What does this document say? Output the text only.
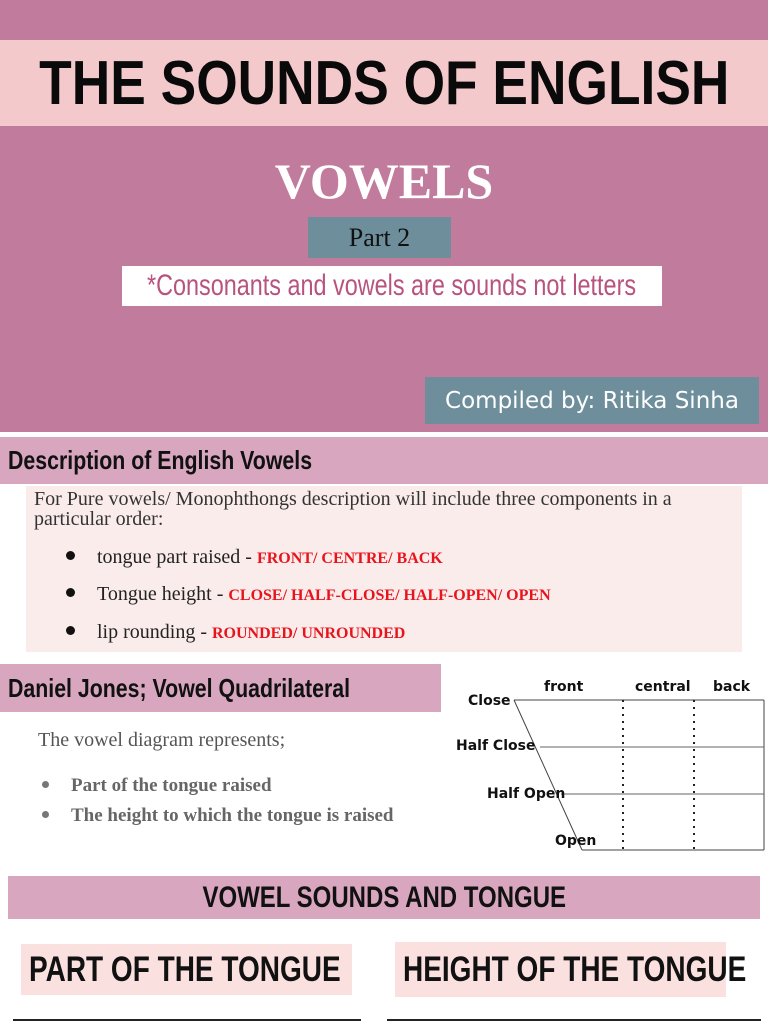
THE SOUNDS OF ENGLISH
VOWELS
Part 2
*Consonants and vowels are sounds not letters
Compiled by: Ritika Sinha
Description of English Vowels
For Pure vowels/ Monophthongs description will include three components in a particular order:
tongue part raised - FRONT/ CENTRE/ BACK
Tongue height - CLOSE/ HALF-CLOSE/ HALF-OPEN/ OPEN
lip rounding - ROUNDED/ UNROUNDED
Daniel Jones; Vowel Quadrilateral
The vowel diagram represents;
Part of the tongue raised
The height to which the tongue is raised
front	central back
Close
Half Close
Half Open
Open
VOWEL SOUNDS AND TONGUE
PART OF THE TONGUE HEIGHT OF THE TONGUE
